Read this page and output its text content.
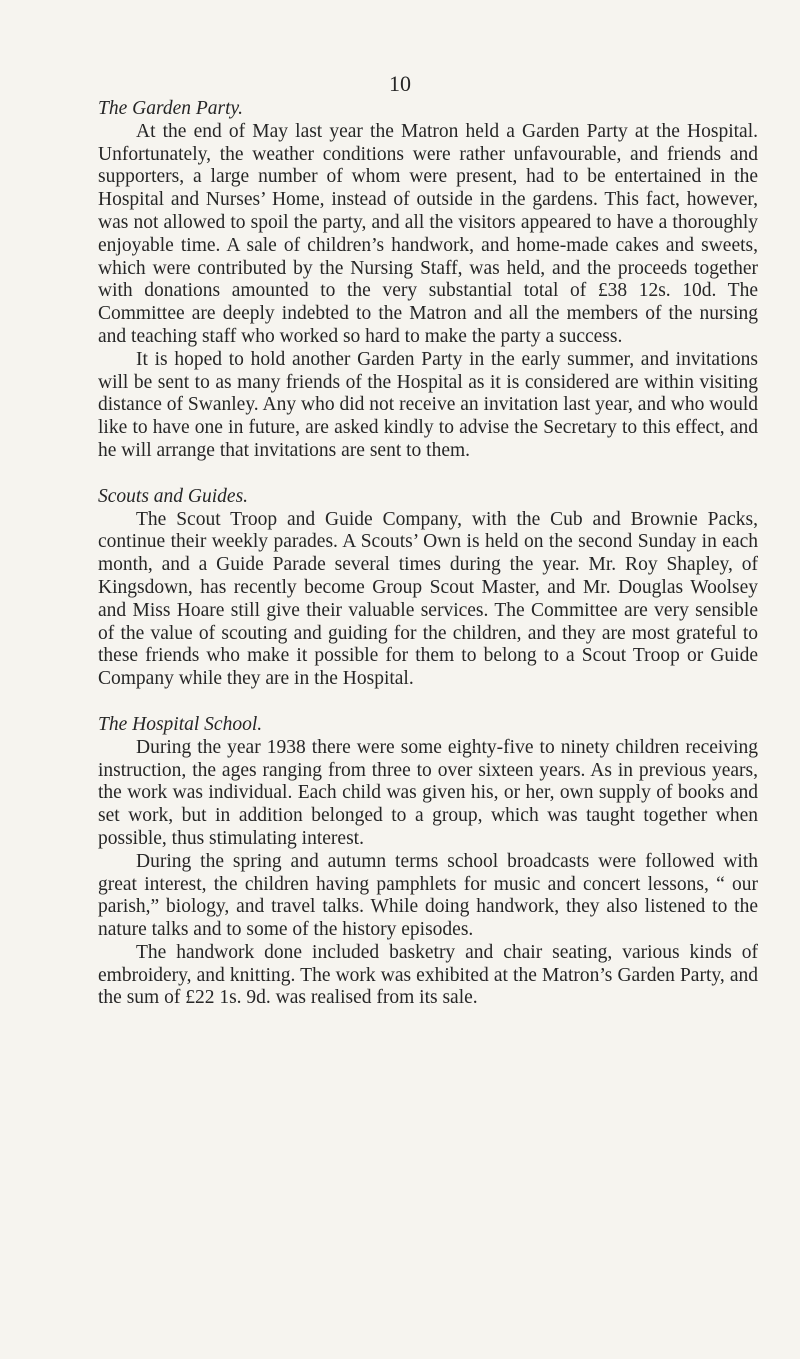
10
The Garden Party.

At the end of May last year the Matron held a Garden Party at the Hospital. Unfortunately, the weather conditions were rather unfavourable, and friends and supporters, a large number of whom were present, had to be entertained in the Hospital and Nurses’ Home, instead of outside in the gardens. This fact, however, was not allowed to spoil the party, and all the visitors appeared to have a thoroughly enjoyable time. A sale of children’s handwork, and home-made cakes and sweets, which were contributed by the Nursing Staff, was held, and the proceeds together with donations amounted to the very substantial total of £38 12s. 10d. The Committee are deeply indebted to the Matron and all the members of the nursing and teaching staff who worked so hard to make the party a success.

It is hoped to hold another Garden Party in the early summer, and invitations will be sent to as many friends of the Hospital as it is considered are within visiting distance of Swanley. Any who did not receive an invitation last year, and who would like to have one in future, are asked kindly to advise the Secretary to this effect, and he will arrange that invitations are sent to them.

Scouts and Guides.

The Scout Troop and Guide Company, with the Cub and Brownie Packs, continue their weekly parades. A Scouts’ Own is held on the second Sunday in each month, and a Guide Parade several times during the year. Mr. Roy Shapley, of Kingsdown, has recently become Group Scout Master, and Mr. Douglas Woolsey and Miss Hoare still give their valuable services. The Committee are very sensible of the value of scouting and guiding for the children, and they are most grateful to these friends who make it possible for them to belong to a Scout Troop or Guide Company while they are in the Hospital.

The Hospital School.

During the year 1938 there were some eighty-five to ninety children receiving instruction, the ages ranging from three to over sixteen years. As in previous years, the work was individual. Each child was given his, or her, own supply of books and set work, but in addition belonged to a group, which was taught together when possible, thus stimulating interest.

During the spring and autumn terms school broadcasts were followed with great interest, the children having pamphlets for music and concert lessons, “ our parish,” biology, and travel talks. While doing handwork, they also listened to the nature talks and to some of the history episodes.

The handwork done included basketry and chair seating, various kinds of embroidery, and knitting. The work was exhibited at the Matron’s Garden Party, and the sum of £22 1s. 9d. was realised from its sale.
